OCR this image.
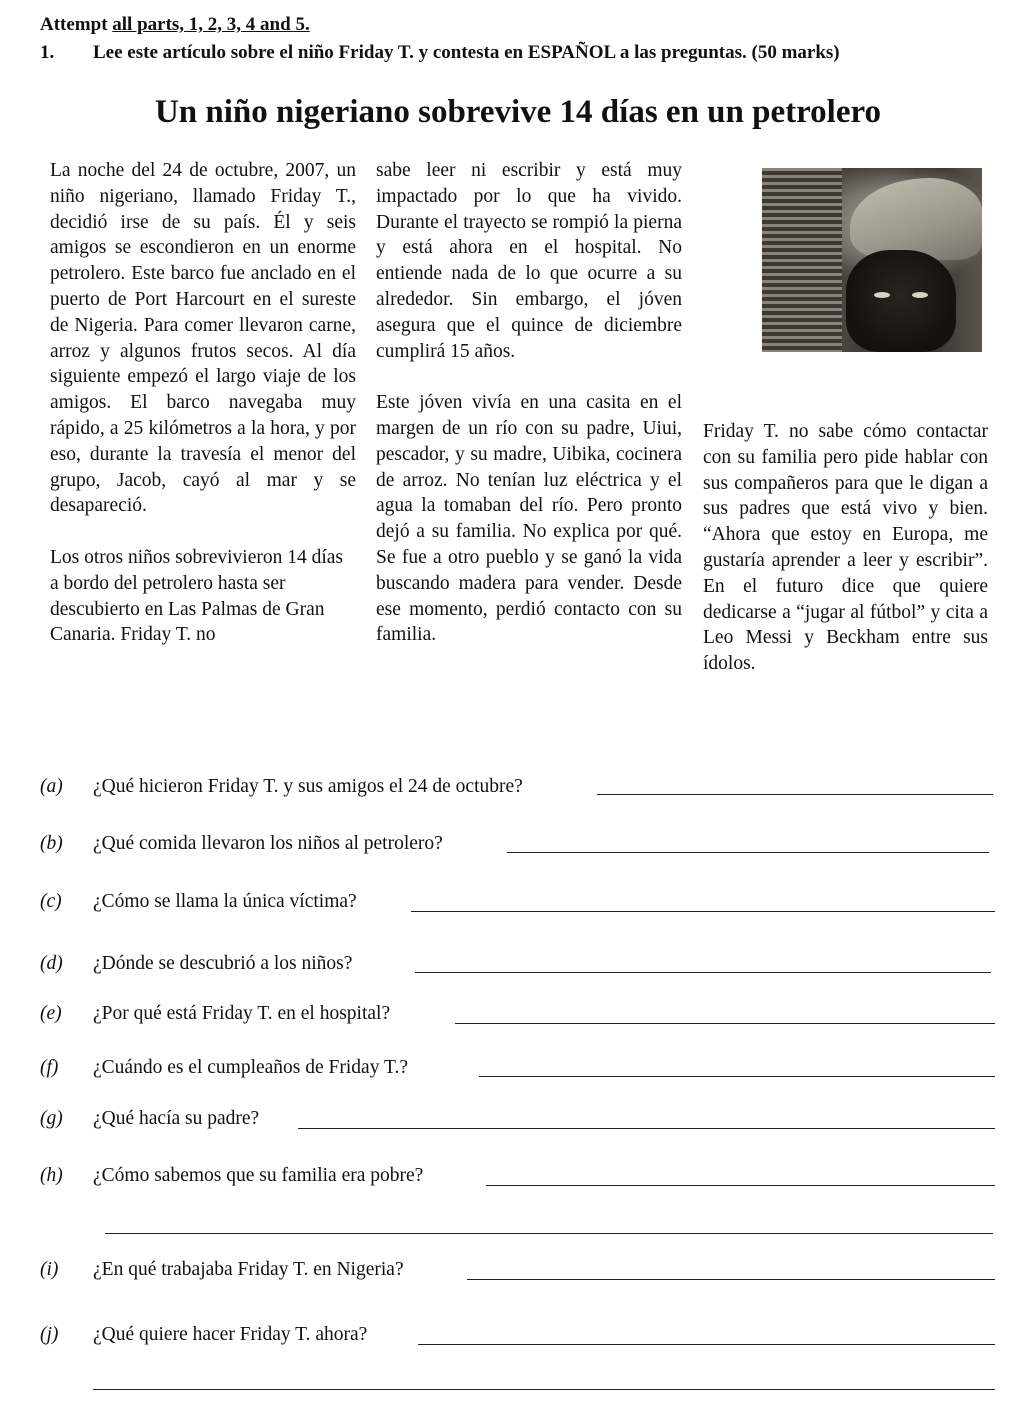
Attempt all parts, 1, 2, 3, 4 and 5.
1. Lee este artículo sobre el niño Friday T. y contesta en ESPAÑOL a las preguntas. (50 marks)
Un niño nigeriano sobrevive 14 días en un petrolero

La noche del 24 de octubre, 2007, un niño nigeriano, llamado Friday T., decidió irse de su país. Él y seis amigos se escondieron en un enorme petrolero. Este barco fue anclado en el puerto de Port Harcourt en el sureste de Nigeria. Para comer llevaron carne, arroz y algunos frutos secos. Al día siguiente empezó el largo viaje de los amigos. El barco navegaba muy rápido, a 25 kilómetros a la hora, y por eso, durante la travesía el menor del grupo, Jacob, cayó al mar y se desapareció.

Los otros niños sobrevivieron 14 días a bordo del petrolero hasta ser descubierto en Las Palmas de Gran Canaria. Friday T. no

sabe leer ni escribir y está muy impactado por lo que ha vivido. Durante el trayecto se rompió la pierna y está ahora en el hospital. No entiende nada de lo que ocurre a su alrededor. Sin embargo, el jóven asegura que el quince de diciembre cumplirá 15 años.

Este jóven vivía en una casita en el margen de un río con su padre, Uiui, pescador, y su madre, Uibika, cocinera de arroz. No tenían luz eléctrica y el agua la tomaban del río. Pero pronto dejó a su familia. No explica por qué. Se fue a otro pueblo y se ganó la vida buscando madera para vender. Desde ese momento, perdió contacto con su familia.

Friday T. no sabe cómo contactar con su familia pero pide hablar con sus compañeros para que le digan a sus padres que está vivo y bien. “Ahora que estoy en Europa, me gustaría aprender a leer y escribir”. En el futuro dice que quiere dedicarse a “jugar al fútbol” y cita a Leo Messi y Beckham entre sus ídolos.

(a) ¿Qué hicieron Friday T. y sus amigos el 24 de octubre?
(b) ¿Qué comida llevaron los niños al petrolero?
(c) ¿Cómo se llama la única víctima?
(d) ¿Dónde se descubrió a los niños?
(e) ¿Por qué está Friday T. en el hospital?
(f) ¿Cuándo es el cumpleaños de Friday T.?
(g) ¿Qué hacía su padre?
(h) ¿Cómo sabemos que su familia era pobre?
(i) ¿En qué trabajaba Friday T. en Nigeria?
(j) ¿Qué quiere hacer Friday T. ahora?
